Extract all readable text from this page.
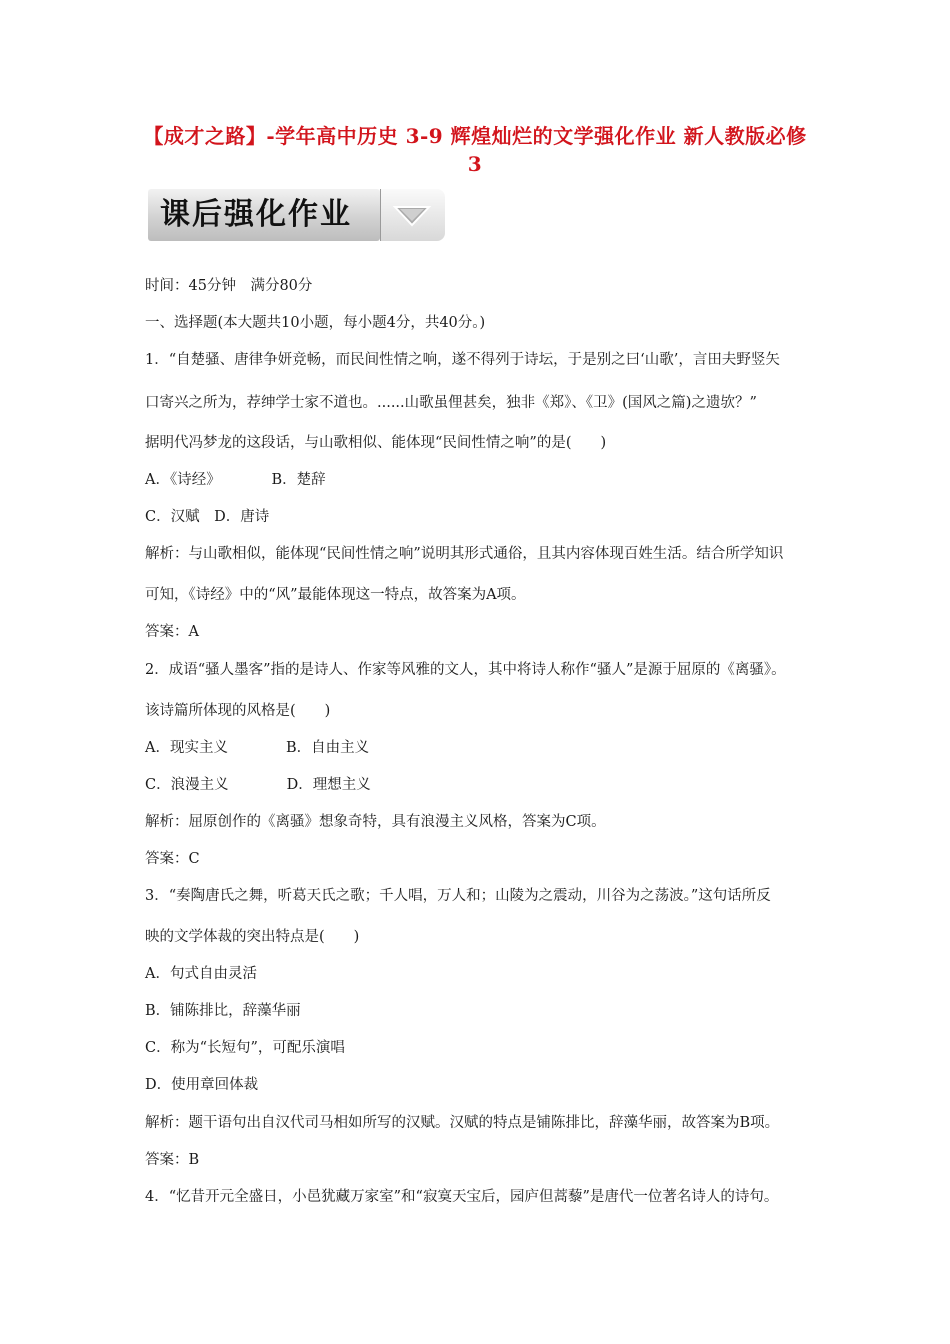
【成才之路】-学年高中历史 3-9 辉煌灿烂的文学强化作业 新人教版必修
3
课后强化作业
时间：45分钟　满分80分
一、选择题(本大题共10小题，每小题4分，共40分。)
1．“自楚骚、唐律争妍竞畅，而民间性情之响，遂不得列于诗坛，于是别之曰‘山歌’，言田夫野竖矢
口寄兴之所为，荐绅学士家不道也。......山歌虽俚甚矣，独非《郑》、《卫》(国风之篇)之遗欤？”
据明代冯梦龙的这段话，与山歌相似、能体现“民间性情之响”的是(　　)
A．《诗经》　　　　B．楚辞
C．汉赋　D．唐诗
解析：与山歌相似，能体现“民间性情之响”说明其形式通俗，且其内容体现百姓生活。结合所学知识
可知，《诗经》中的“风”最能体现这一特点，故答案为A项。
答案：A
2．成语“骚人墨客”指的是诗人、作家等风雅的文人，其中将诗人称作“骚人”是源于屈原的《离骚》。
该诗篇所体现的风格是(　　)
A．现实主义　　　　B．自由主义
C．浪漫主义　　　　D．理想主义
解析：屈原创作的《离骚》想象奇特，具有浪漫主义风格，答案为C项。
答案：C
3．“奏陶唐氏之舞，听葛天氏之歌；千人唱，万人和；山陵为之震动，川谷为之荡波。”这句话所反
映的文学体裁的突出特点是(　　)
A．句式自由灵活
B．铺陈排比，辞藻华丽
C．称为“长短句”，可配乐演唱
D．使用章回体裁
解析：题干语句出自汉代司马相如所写的汉赋。汉赋的特点是铺陈排比，辞藻华丽，故答案为B项。
答案：B
4．“忆昔开元全盛日，小邑犹藏万家室”和“寂寞天宝后，园庐但蒿藜”是唐代一位著名诗人的诗句。
